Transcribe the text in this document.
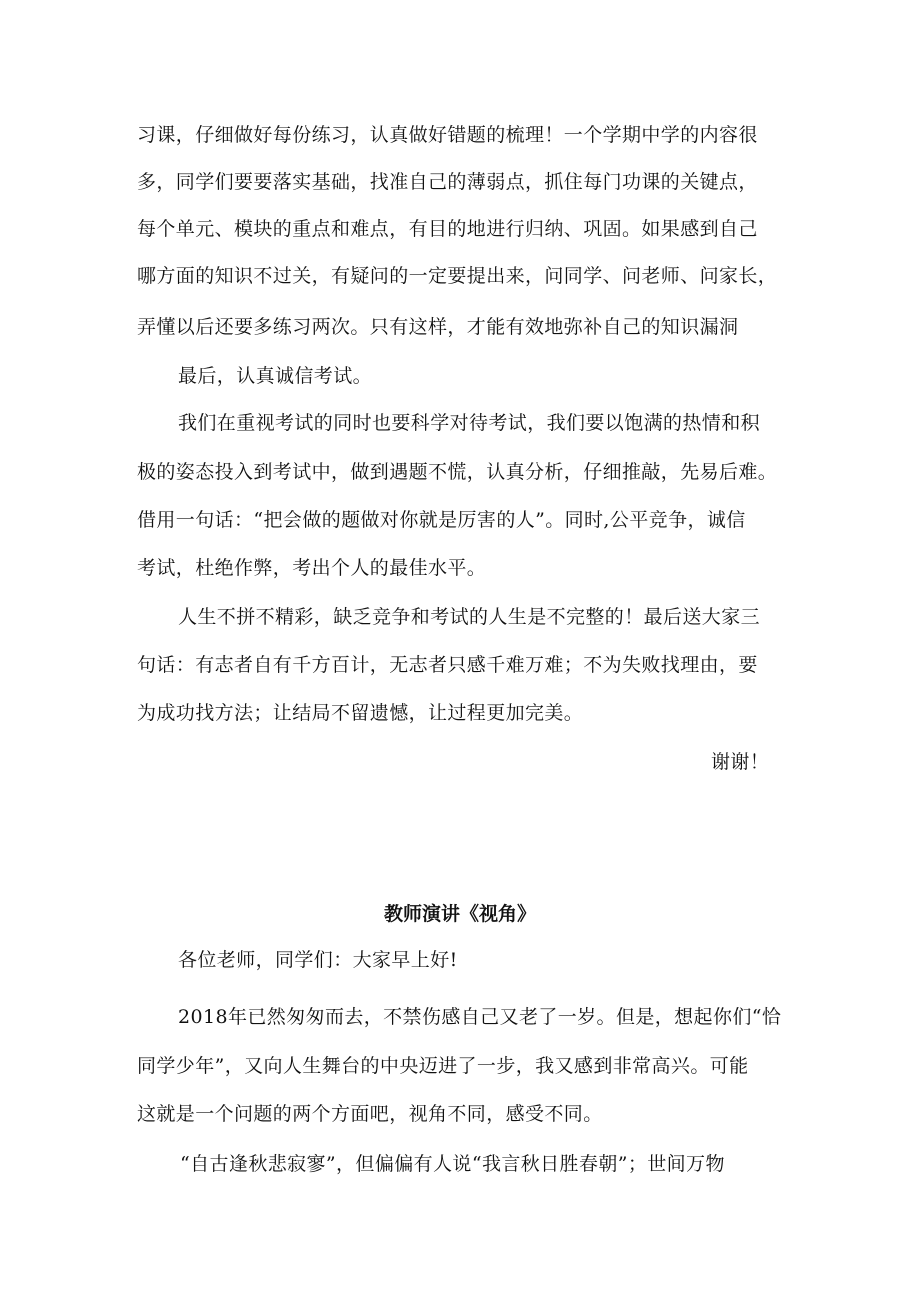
习课，仔细做好每份练习，认真做好错题的梳理！一个学期中学的内容很
多，同学们要要落实基础，找准自己的薄弱点，抓住每门功课的关键点，
每个单元、模块的重点和难点，有目的地进行归纳、巩固。如果感到自己
哪方面的知识不过关，有疑问的一定要提出来，问同学、问老师、问家长，
弄懂以后还要多练习两次。只有这样，才能有效地弥补自己的知识漏洞
最后，认真诚信考试。
我们在重视考试的同时也要科学对待考试，我们要以饱满的热情和积
极的姿态投入到考试中，做到遇题不慌，认真分析，仔细推敲，先易后难。
借用一句话：“把会做的题做对你就是厉害的人”。同时,公平竞争，诚信
考试，杜绝作弊，考出个人的最佳水平。
人生不拼不精彩，缺乏竞争和考试的人生是不完整的！最后送大家三
句话：有志者自有千方百计，无志者只感千难万难；不为失败找理由，要
为成功找方法；让结局不留遗憾，让过程更加完美。
谢谢！
教师演讲《视角》
各位老师，同学们：大家早上好!
2018年已然匆匆而去，不禁伤感自己又老了一岁。但是，想起你们“恰
同学少年”，又向人生舞台的中央迈进了一步，我又感到非常高兴。可能
这就是一个问题的两个方面吧，视角不同，感受不同。
“自古逢秋悲寂寥”，但偏偏有人说“我言秋日胜春朝”；世间万物
